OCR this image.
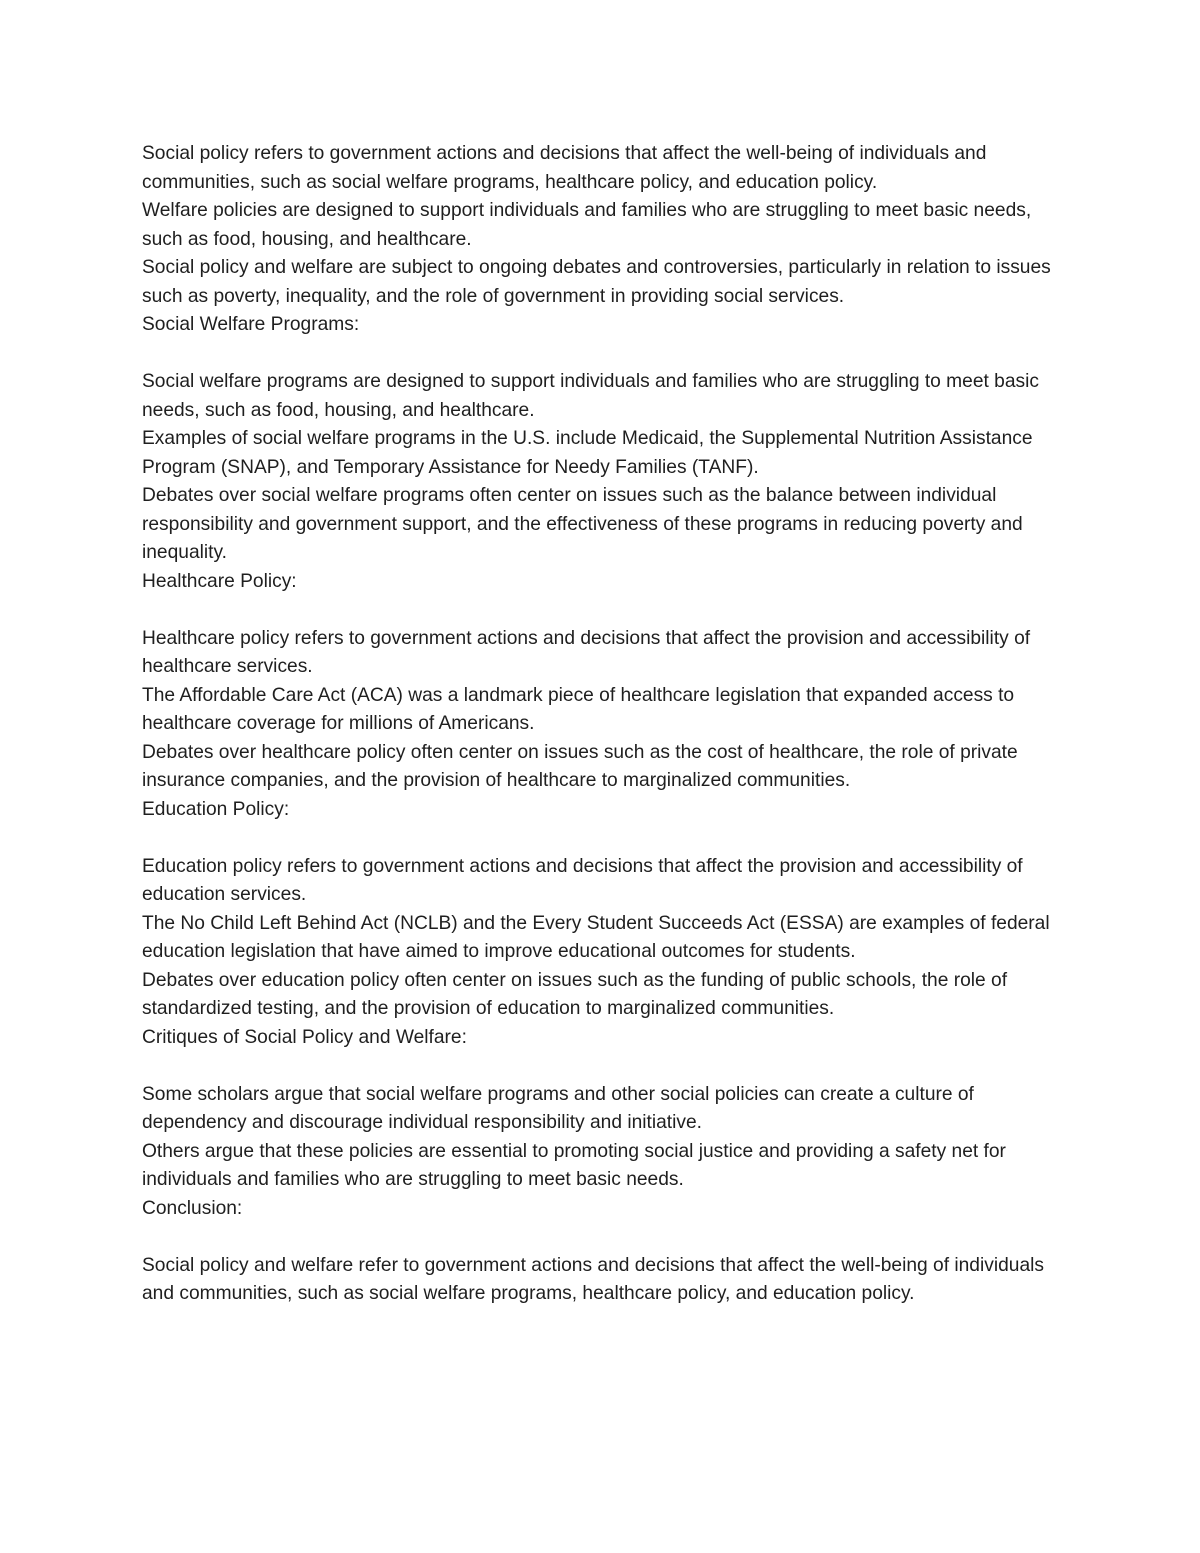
Social policy refers to government actions and decisions that affect the well-being of individuals and communities, such as social welfare programs, healthcare policy, and education policy.

Welfare policies are designed to support individuals and families who are struggling to meet basic needs, such as food, housing, and healthcare.

Social policy and welfare are subject to ongoing debates and controversies, particularly in relation to issues such as poverty, inequality, and the role of government in providing social services.

Social Welfare Programs:

Social welfare programs are designed to support individuals and families who are struggling to meet basic needs, such as food, housing, and healthcare.

Examples of social welfare programs in the U.S. include Medicaid, the Supplemental Nutrition Assistance Program (SNAP), and Temporary Assistance for Needy Families (TANF).

Debates over social welfare programs often center on issues such as the balance between individual responsibility and government support, and the effectiveness of these programs in reducing poverty and inequality.

Healthcare Policy:

Healthcare policy refers to government actions and decisions that affect the provision and accessibility of healthcare services.

The Affordable Care Act (ACA) was a landmark piece of healthcare legislation that expanded access to healthcare coverage for millions of Americans.

Debates over healthcare policy often center on issues such as the cost of healthcare, the role of private insurance companies, and the provision of healthcare to marginalized communities.

Education Policy:

Education policy refers to government actions and decisions that affect the provision and accessibility of education services.

The No Child Left Behind Act (NCLB) and the Every Student Succeeds Act (ESSA) are examples of federal education legislation that have aimed to improve educational outcomes for students.

Debates over education policy often center on issues such as the funding of public schools, the role of standardized testing, and the provision of education to marginalized communities.

Critiques of Social Policy and Welfare:

Some scholars argue that social welfare programs and other social policies can create a culture of dependency and discourage individual responsibility and initiative.

Others argue that these policies are essential to promoting social justice and providing a safety net for individuals and families who are struggling to meet basic needs.

Conclusion:

Social policy and welfare refer to government actions and decisions that affect the well-being of individuals and communities, such as social welfare programs, healthcare policy, and education policy.
